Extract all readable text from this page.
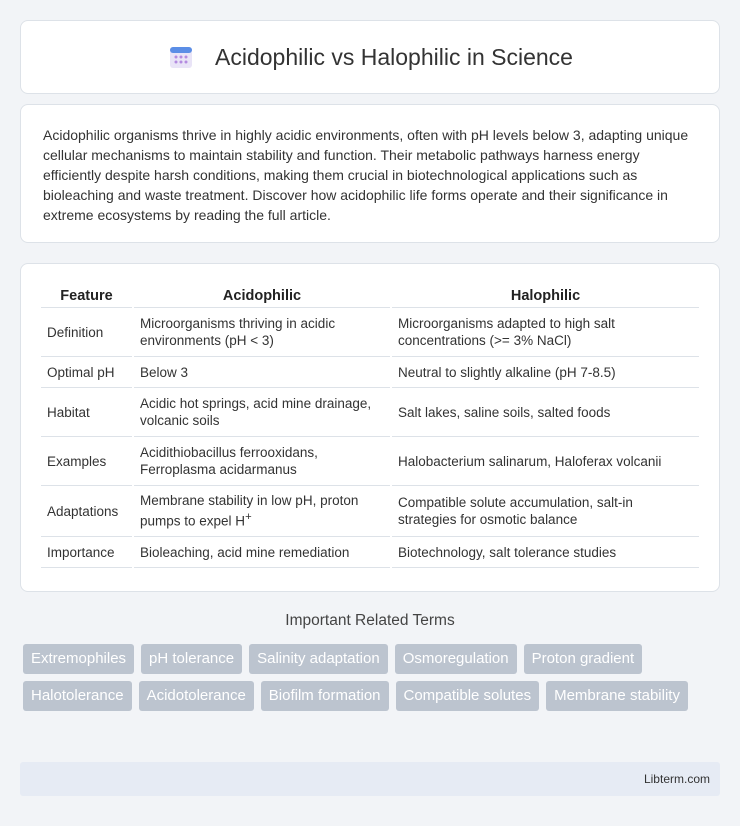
Acidophilic vs Halophilic in Science

Acidophilic organisms thrive in highly acidic environments, often with pH levels below 3, adapting unique cellular mechanisms to maintain stability and function. Their metabolic pathways harness energy efficiently despite harsh conditions, making them crucial in biotechnological applications such as bioleaching and waste treatment. Discover how acidophilic life forms operate and their significance in extreme ecosystems by reading the full article.

Feature	Acidophilic	Halophilic
Definition	Microorganisms thriving in acidic environments (pH < 3)	Microorganisms adapted to high salt concentrations (>= 3% NaCl)
Optimal pH	Below 3	Neutral to slightly alkaline (pH 7-8.5)
Habitat	Acidic hot springs, acid mine drainage, volcanic soils	Salt lakes, saline soils, salted foods
Examples	Acidithiobacillus ferrooxidans, Ferroplasma acidarmanus	Halobacterium salinarum, Haloferax volcanii
Adaptations	Membrane stability in low pH, proton pumps to expel H+	Compatible solute accumulation, salt-in strategies for osmotic balance
Importance	Bioleaching, acid mine remediation	Biotechnology, salt tolerance studies
Important Related Terms
Extremophiles	pH tolerance	Salinity adaptation	Osmoregulation	Proton gradient
Halotolerance	Acidotolerance	Biofilm formation	Compatible solutes	Membrane stability
Libterm.com
